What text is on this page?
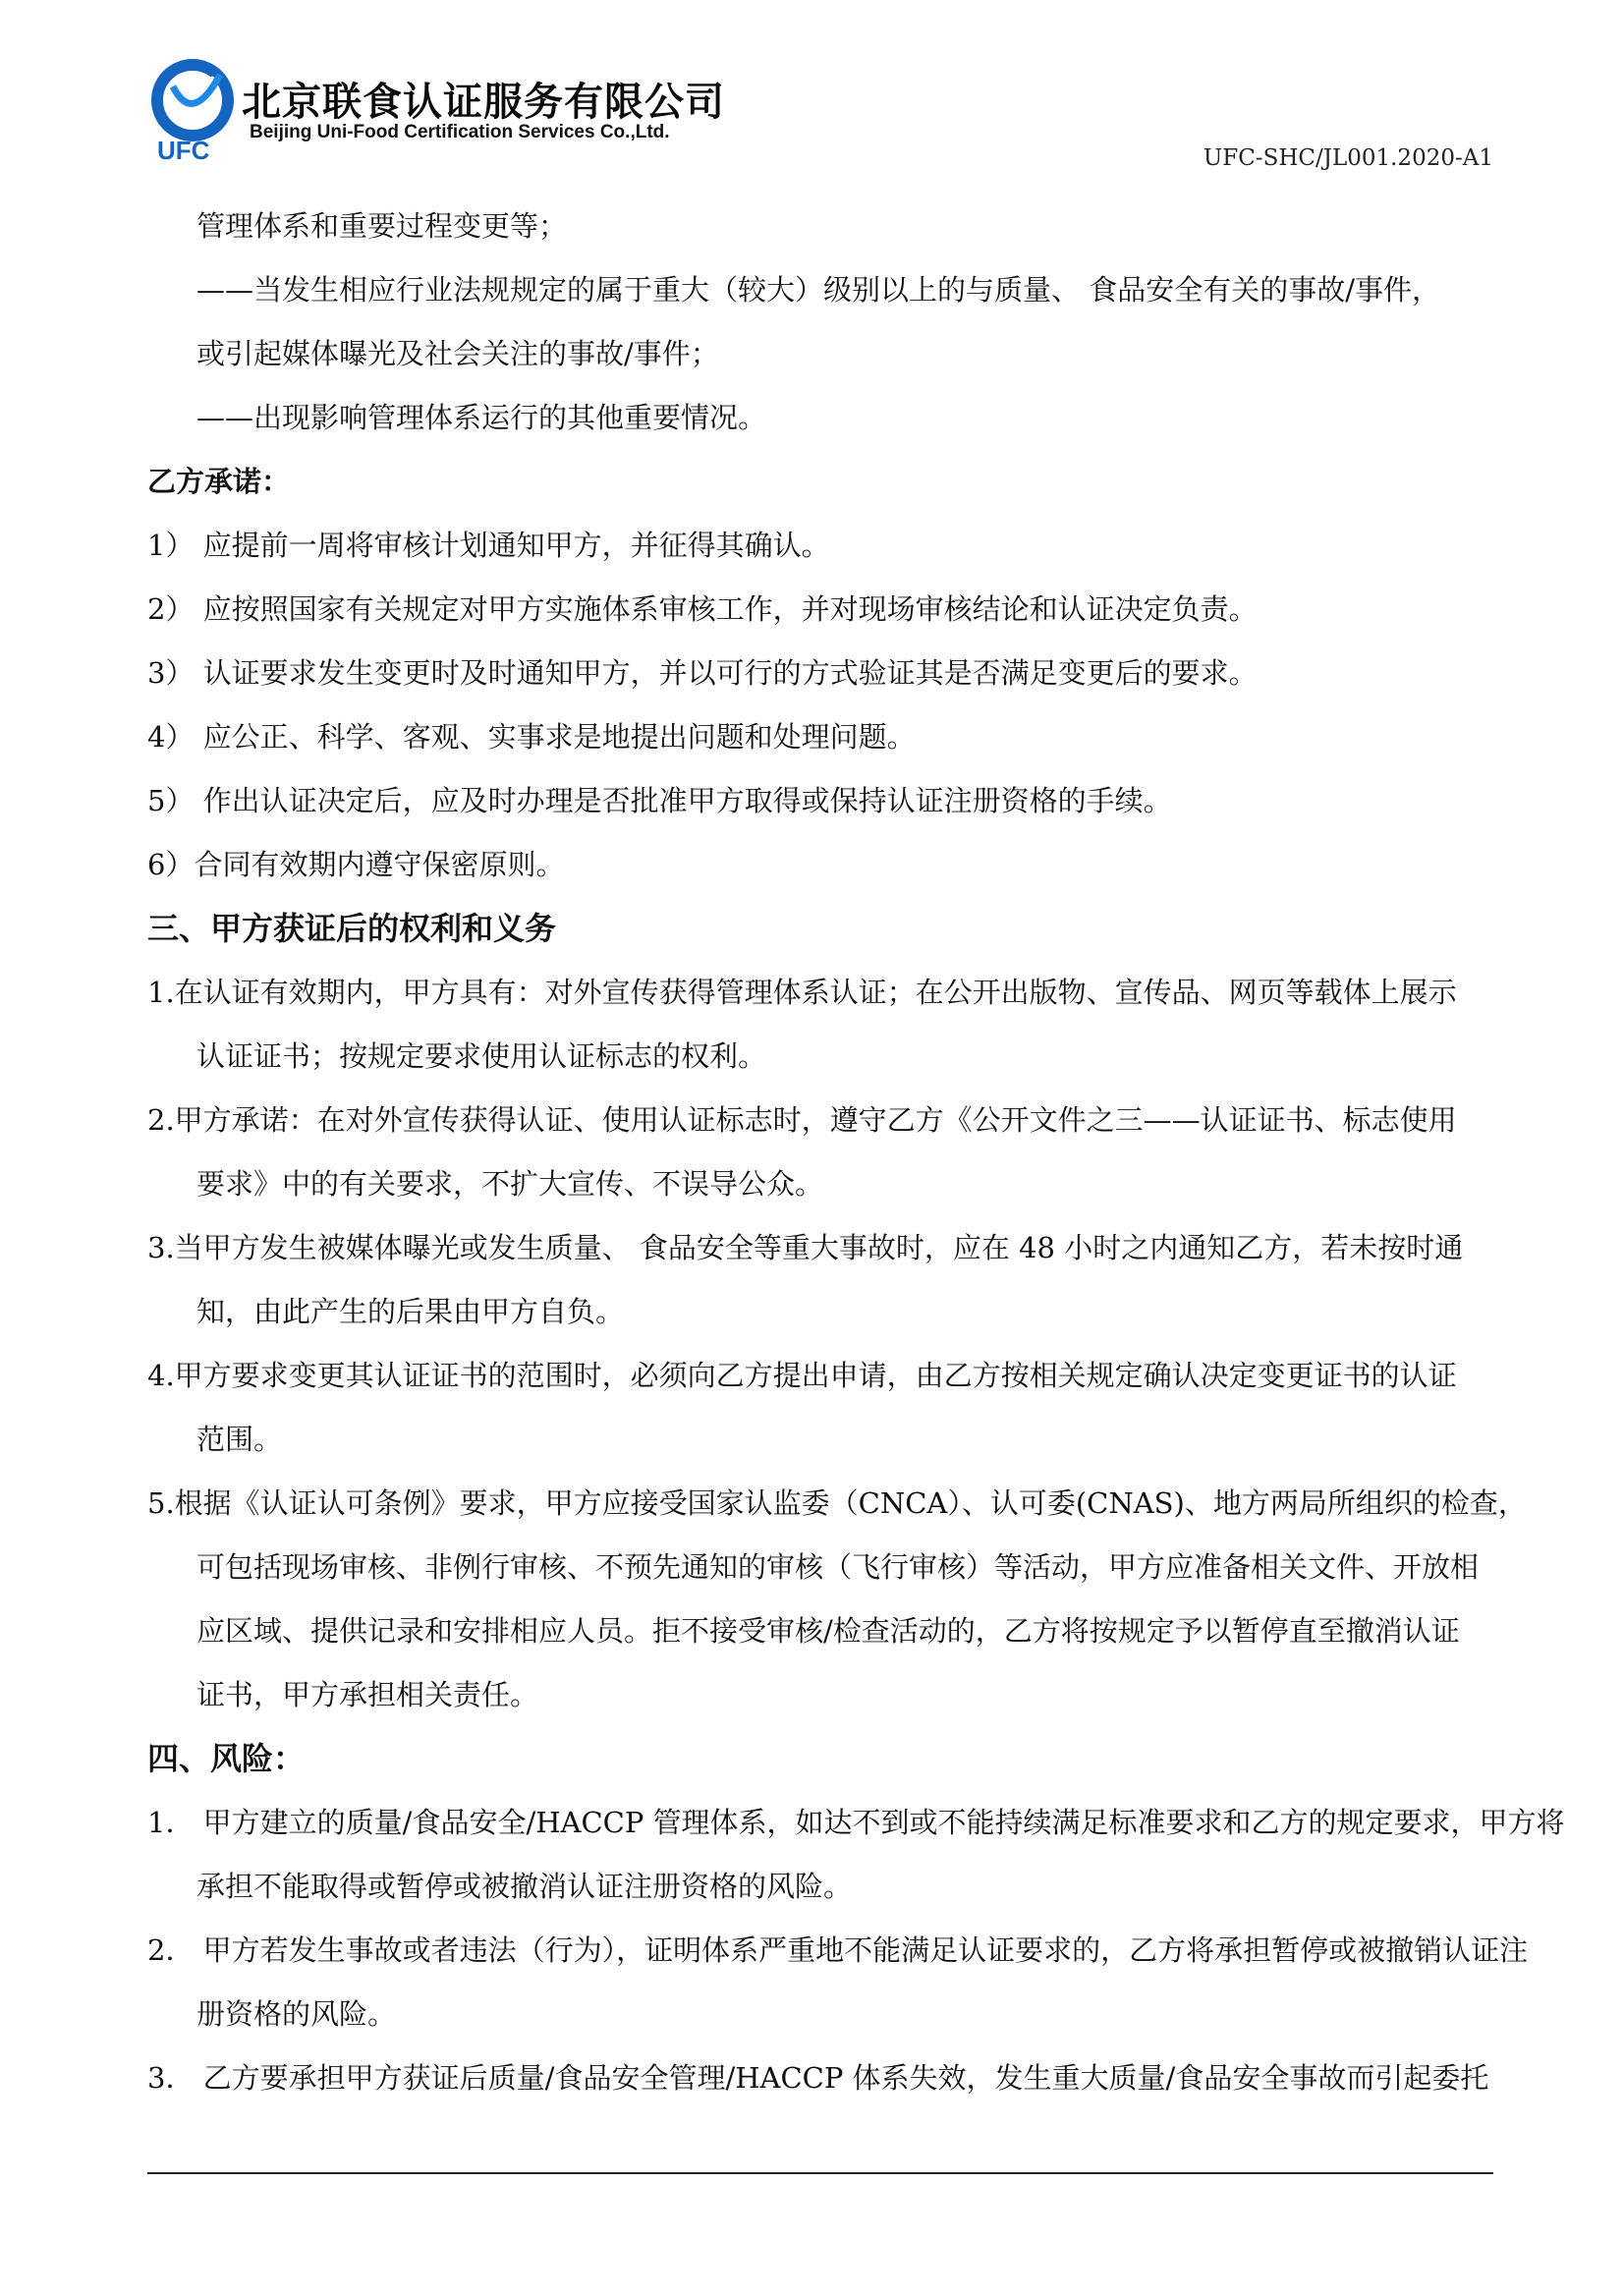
UFC
北京联食认证服务有限公司
Beijing Uni-Food Certification Services Co.,Ltd.
UFC-SHC/JL001.2020-A1
管理体系和重要过程变更等；
——当发生相应行业法规规定的属于重大（较大）级别以上的与质量、 食品安全有关的事故/事件，
或引起媒体曝光及社会关注的事故/事件；
——出现影响管理体系运行的其他重要情况。
乙方承诺：
1） 应提前一周将审核计划通知甲方，并征得其确认。
2） 应按照国家有关规定对甲方实施体系审核工作，并对现场审核结论和认证决定负责。
3） 认证要求发生变更时及时通知甲方，并以可行的方式验证其是否满足变更后的要求。
4） 应公正、科学、客观、实事求是地提出问题和处理问题。
5） 作出认证决定后，应及时办理是否批准甲方取得或保持认证注册资格的手续。
6）合同有效期内遵守保密原则。
三、甲方获证后的权利和义务
1.在认证有效期内，甲方具有：对外宣传获得管理体系认证；在公开出版物、宣传品、网页等载体上展示
认证证书；按规定要求使用认证标志的权利。
2.甲方承诺：在对外宣传获得认证、使用认证标志时，遵守乙方《公开文件之三——认证证书、标志使用
要求》中的有关要求，不扩大宣传、不误导公众。
3.当甲方发生被媒体曝光或发生质量、 食品安全等重大事故时，应在 48 小时之内通知乙方，若未按时通
知，由此产生的后果由甲方自负。
4.甲方要求变更其认证证书的范围时，必须向乙方提出申请，由乙方按相关规定确认决定变更证书的认证
范围。
5.根据《认证认可条例》要求，甲方应接受国家认监委（CNCA）、认可委(CNAS)、地方两局所组织的检查，
可包括现场审核、非例行审核、不预先通知的审核（飞行审核）等活动，甲方应准备相关文件、开放相
应区域、提供记录和安排相应人员。拒不接受审核/检查活动的，乙方将按规定予以暂停直至撤消认证
证书，甲方承担相关责任。
四、风险：
1． 甲方建立的质量/食品安全/HACCP 管理体系，如达不到或不能持续满足标准要求和乙方的规定要求，甲方将
承担不能取得或暂停或被撤消认证注册资格的风险。
2． 甲方若发生事故或者违法（行为），证明体系严重地不能满足认证要求的，乙方将承担暂停或被撤销认证注
册资格的风险。
3． 乙方要承担甲方获证后质量/食品安全管理/HACCP 体系失效，发生重大质量/食品安全事故而引起委托
